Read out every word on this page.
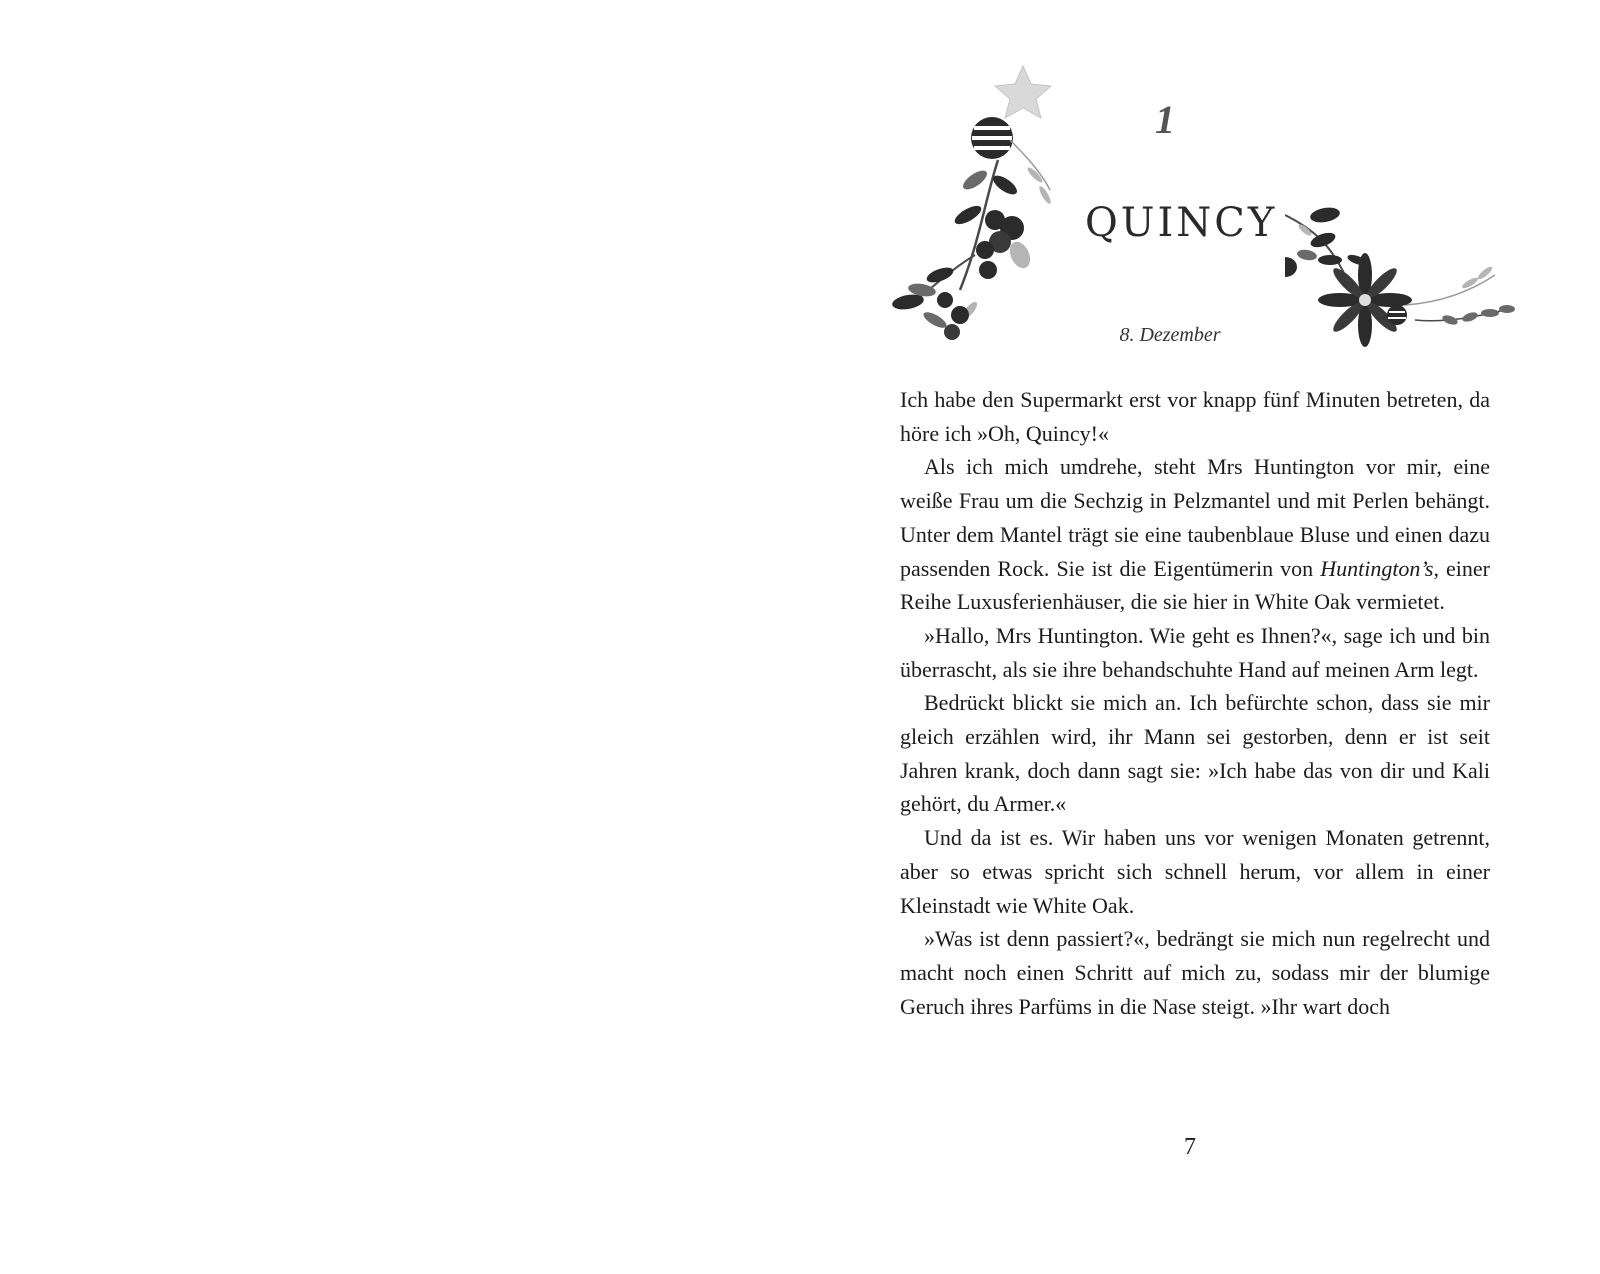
1
QUINCY
8. Dezember

Ich habe den Supermarkt erst vor knapp fünf Minuten betreten, da höre ich »Oh, Quincy!«

Als ich mich umdrehe, steht Mrs Huntington vor mir, eine weiße Frau um die Sechzig in Pelzmantel und mit Perlen behängt. Unter dem Mantel trägt sie eine taubenblaue Bluse und einen dazu passenden Rock. Sie ist die Eigentümerin von Huntington’s, einer Reihe Luxusferienhäuser, die sie hier in White Oak vermietet.

»Hallo, Mrs Huntington. Wie geht es Ihnen?«, sage ich und bin überrascht, als sie ihre behandschuhte Hand auf meinen Arm legt.

Bedrückt blickt sie mich an. Ich befürchte schon, dass sie mir gleich erzählen wird, ihr Mann sei gestorben, denn er ist seit Jahren krank, doch dann sagt sie: »Ich habe das von dir und Kali gehört, du Armer.«

Und da ist es. Wir haben uns vor wenigen Monaten getrennt, aber so etwas spricht sich schnell herum, vor allem in einer Kleinstadt wie White Oak.

»Was ist denn passiert?«, bedrängt sie mich nun regelrecht und macht noch einen Schritt auf mich zu, sodass mir der blumige Geruch ihres Parfüms in die Nase steigt. »Ihr wart doch

7
